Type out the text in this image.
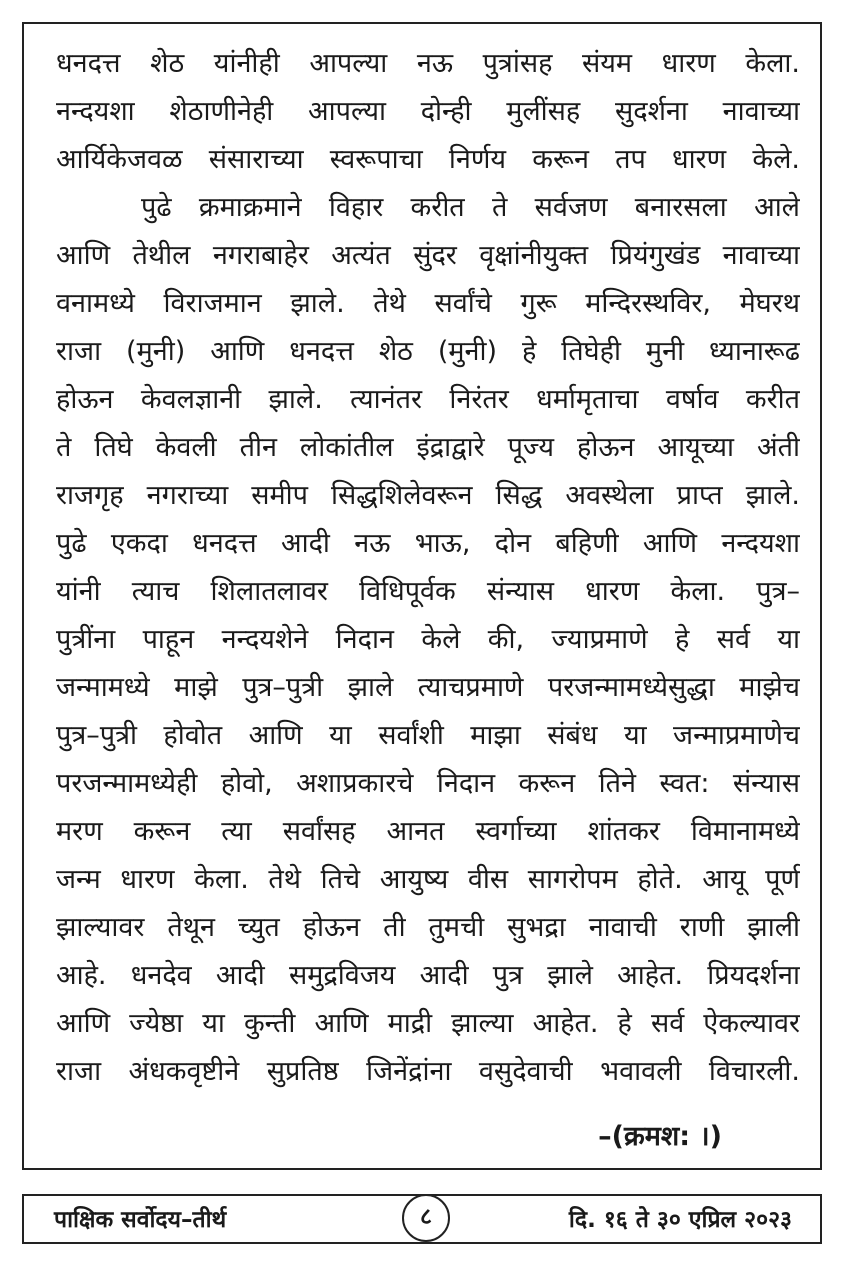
धनदत्त शेठ यांनीही आपल्या नऊ पुत्रांसह संयम धारण केला.
नन्दयशा शेठाणीनेही आपल्या दोन्ही मुलींसह सुदर्शना नावाच्या
आर्यिकेजवळ संसाराच्या स्वरूपाचा निर्णय करून तप धारण केले.
पुढे क्रमाक्रमाने विहार करीत ते सर्वजण बनारसला आले
आणि तेथील नगराबाहेर अत्यंत सुंदर वृक्षांनीयुक्त प्रियंगुखंड नावाच्या
वनामध्ये विराजमान झाले. तेथे सर्वांचे गुरू मन्दिरस्थविर, मेघरथ
राजा (मुनी) आणि धनदत्त शेठ (मुनी) हे तिघेही मुनी ध्यानारूढ
होऊन केवलज्ञानी झाले. त्यानंतर निरंतर धर्मामृताचा वर्षाव करीत
ते तिघे केवली तीन लोकांतील इंद्राद्वारे पूज्य होऊन आयूच्या अंती
राजगृह नगराच्या समीप सिद्धशिलेवरून सिद्ध अवस्थेला प्राप्त झाले.
पुढे एकदा धनदत्त आदी नऊ भाऊ, दोन बहिणी आणि नन्दयशा
यांनी त्याच शिलातलावर विधिपूर्वक संन्यास धारण केला. पुत्र–
पुत्रींना पाहून नन्दयशेने निदान केले की, ज्याप्रमाणे हे सर्व या
जन्मामध्ये माझे पुत्र–पुत्री झाले त्याचप्रमाणे परजन्मामध्येसुद्धा माझेच
पुत्र–पुत्री होवोत आणि या सर्वांशी माझा संबंध या जन्माप्रमाणेच
परजन्मामध्येही होवो, अशाप्रकारचे निदान करून तिने स्वत: संन्यास
मरण करून त्या सर्वांसह आनत स्वर्गाच्या शांतकर विमानामध्ये
जन्म धारण केला. तेथे तिचे आयुष्य वीस सागरोपम होते. आयू पूर्ण
झाल्यावर तेथून च्युत होऊन ती तुमची सुभद्रा नावाची राणी झाली
आहे. धनदेव आदी समुद्रविजय आदी पुत्र झाले आहेत. प्रियदर्शना
आणि ज्येष्ठा या कुन्ती आणि माद्री झाल्या आहेत. हे सर्व ऐकल्यावर
राजा अंधकवृष्टीने सुप्रतिष्ठ जिनेंद्रांना वसुदेवाची भवावली विचारली.
–(क्रमश: ।)
पाक्षिक सर्वोदय–तीर्थ	८	दि. १६ ते ३० एप्रिल २०२३
